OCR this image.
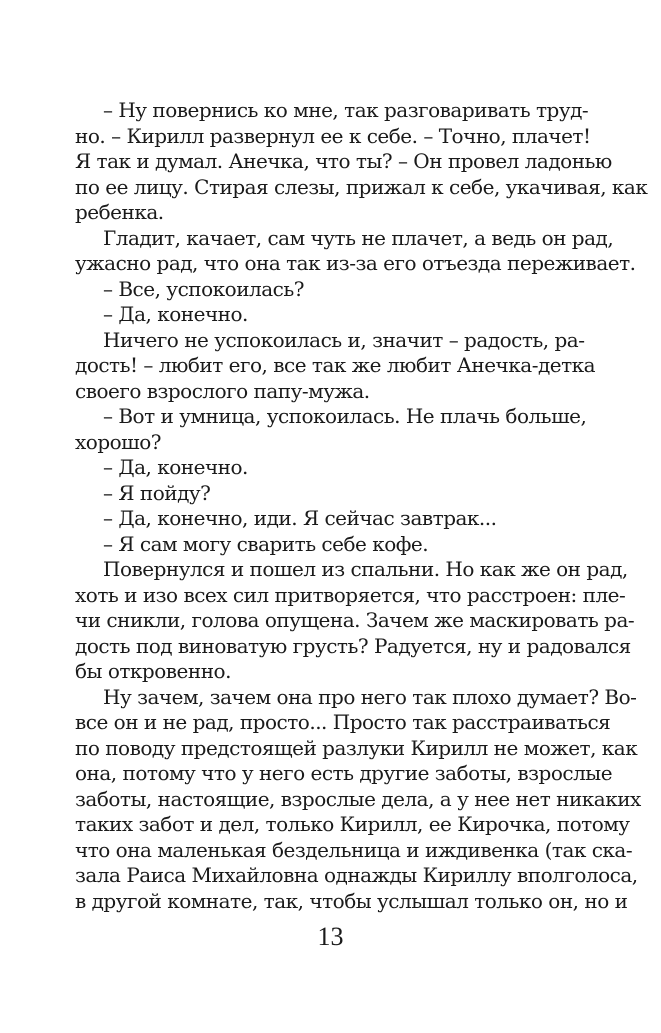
– Ну повернись ко мне, так разговаривать труд-
но. – Кирилл развернул ее к себе. – Точно, плачет!
Я так и думал. Анечка, что ты? – Он провел ладонью
по ее лицу. Стирая слезы, прижал к себе, укачивая, как
ребенка.
Гладит, качает, сам чуть не плачет, а ведь он рад,
ужасно рад, что она так из-за его отъезда переживает.
– Все, успокоилась?
– Да, конечно.
Ничего не успокоилась и, значит – радость, ра-
дость! – любит его, все так же любит Анечка-детка
своего взрослого папу-мужа.
– Вот и умница, успокоилась. Не плачь больше,
хорошо?
– Да, конечно.
– Я пойду?
– Да, конечно, иди. Я сейчас завтрак...
– Я сам могу сварить себе кофе.
Повернулся и пошел из спальни. Но как же он рад,
хоть и изо всех сил притворяется, что расстроен: пле-
чи сникли, голова опущена. Зачем же маскировать ра-
дость под виноватую грусть? Радуется, ну и радовался
бы откровенно.
Ну зачем, зачем она про него так плохо думает? Во-
все он и не рад, просто... Просто так расстраиваться
по поводу предстоящей разлуки Кирилл не может, как
она, потому что у него есть другие заботы, взрослые
заботы, настоящие, взрослые дела, а у нее нет никаких
таких забот и дел, только Кирилл, ее Кирочка, потому
что она маленькая бездельница и иждивенка (так ска-
зала Раиса Михайловна однажды Кириллу вполголоса,
в другой комнате, так, чтобы услышал только он, но и
13
